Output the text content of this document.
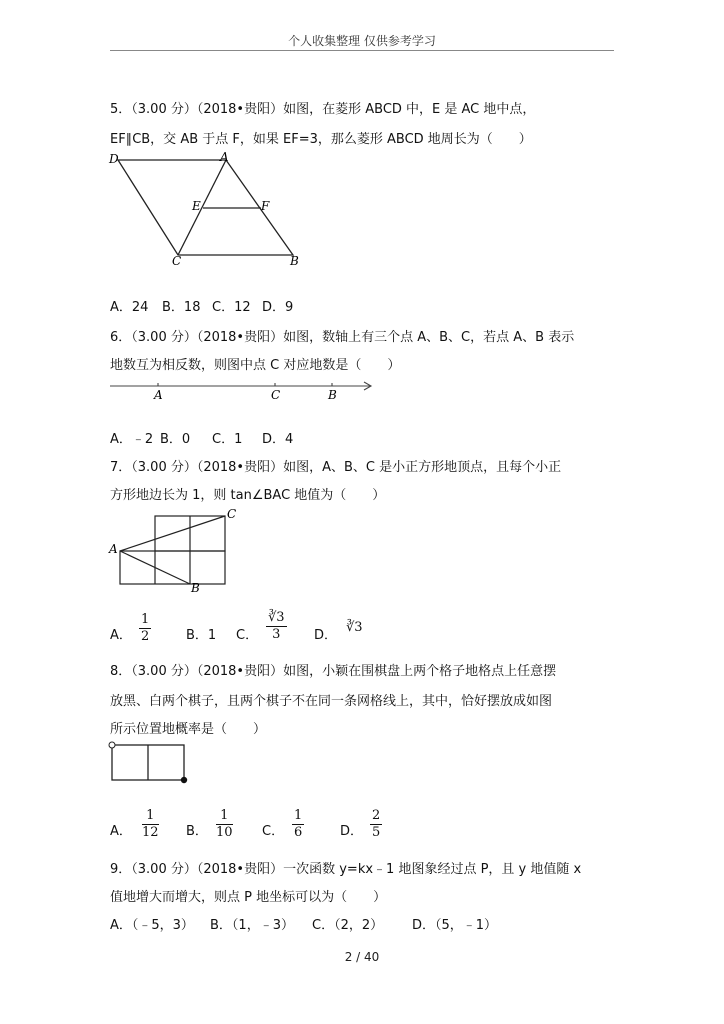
个人收集整理 仅供参考学习
5．（3.00 分）（2018•贵阳）如图，在菱形 ABCD 中，E 是 AC 地中点，
EF∥CB，交 AB 于点 F，如果 EF=3，那么菱形 ABCD 地周长为（　　）
D	A
E	F
C	B
A．24 B．18 C．12 D．9
6．（3.00 分）（2018•贵阳）如图，数轴上有三个点 A、B、C，若点 A、B 表示
地数互为相反数，则图中点 C 对应地数是（　　）
A	C	B
A．﹣2 B．0 C．1 D．4
7．（3.00 分）（2018•贵阳）如图，A、B、C 是小正方形地顶点，且每个小正
方形地边长为 1，则 tan∠BAC 地值为（　　）
A
B
C
A． $\frac{1}{2}$	B．1 C． $\frac{∛3}{3}$ D．
∛3
8．（3.00 分）（2018•贵阳）如图，小颖在围棋盘上两个格子地格点上任意摆
放黑、白两个棋子，且两个棋子不在同一条网格线上，其中，恰好摆放成如图
所示位置地概率是（　　）
A． $\frac{1}{12}$ B． $\frac{1}{10}$ C． $\frac{1}{6}$	D． $\frac{2}{5}$
9．（3.00 分）（2018•贵阳）一次函数 y=kx﹣1 地图象经过点 P，且 y 地值随 x
值地增大而增大，则点 P 地坐标可以为（　　）
A．（﹣5，3） B．（1，﹣3） C．（2，2） D．（5，﹣1）
2 / 40
